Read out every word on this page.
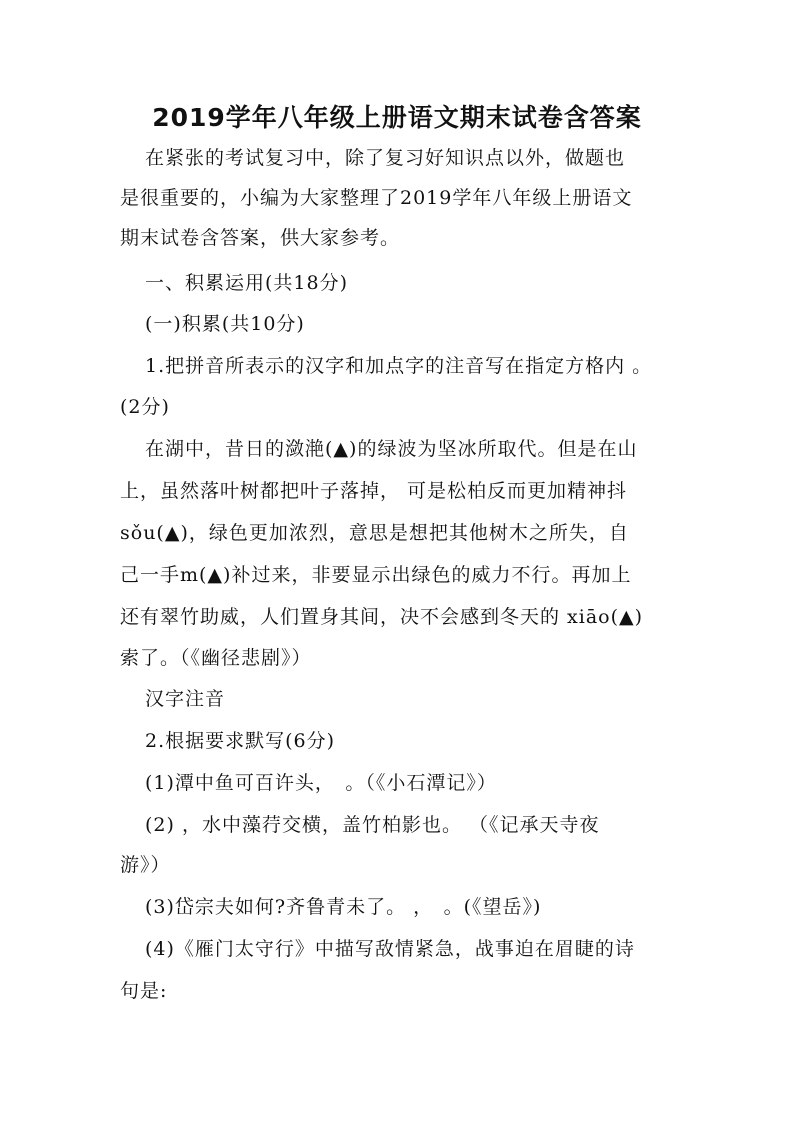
2019学年八年级上册语文期末试卷含答案
在紧张的考试复习中，除了复习好知识点以外，做题也
是很重要的，小编为大家整理了2019学年八年级上册语文
期末试卷含答案，供大家参考。
一、积累运用(共18分)
(一)积累(共10分)
1.把拼音所表示的汉字和加点字的注音写在指定方格内 。
(2分)
在湖中，昔日的潋滟(▲)的绿波为坚冰所取代。但是在山
上，虽然落叶树都把叶子落掉， 可是松柏反而更加精神抖
sǒu(▲)，绿色更加浓烈，意思是想把其他树木之所失，自
己一手m(▲)补过来，非要显示出绿色的威力不行。再加上
还有翠竹助威，人们置身其间，决不会感到冬天的 xiāo(▲)
索了。（《幽径悲剧》）
汉字注音
2.根据要求默写(6分)
(1)潭中鱼可百许头，　。（《小石潭记》）
(2) ，水中藻荇交横，盖竹柏影也。 （《记承天寺夜
游》）
(3)岱宗夫如何?齐鲁青未了。 ，　。(《望岳》)
(4)《雁门太守行》中描写敌情紧急，战事迫在眉睫的诗
句是:
